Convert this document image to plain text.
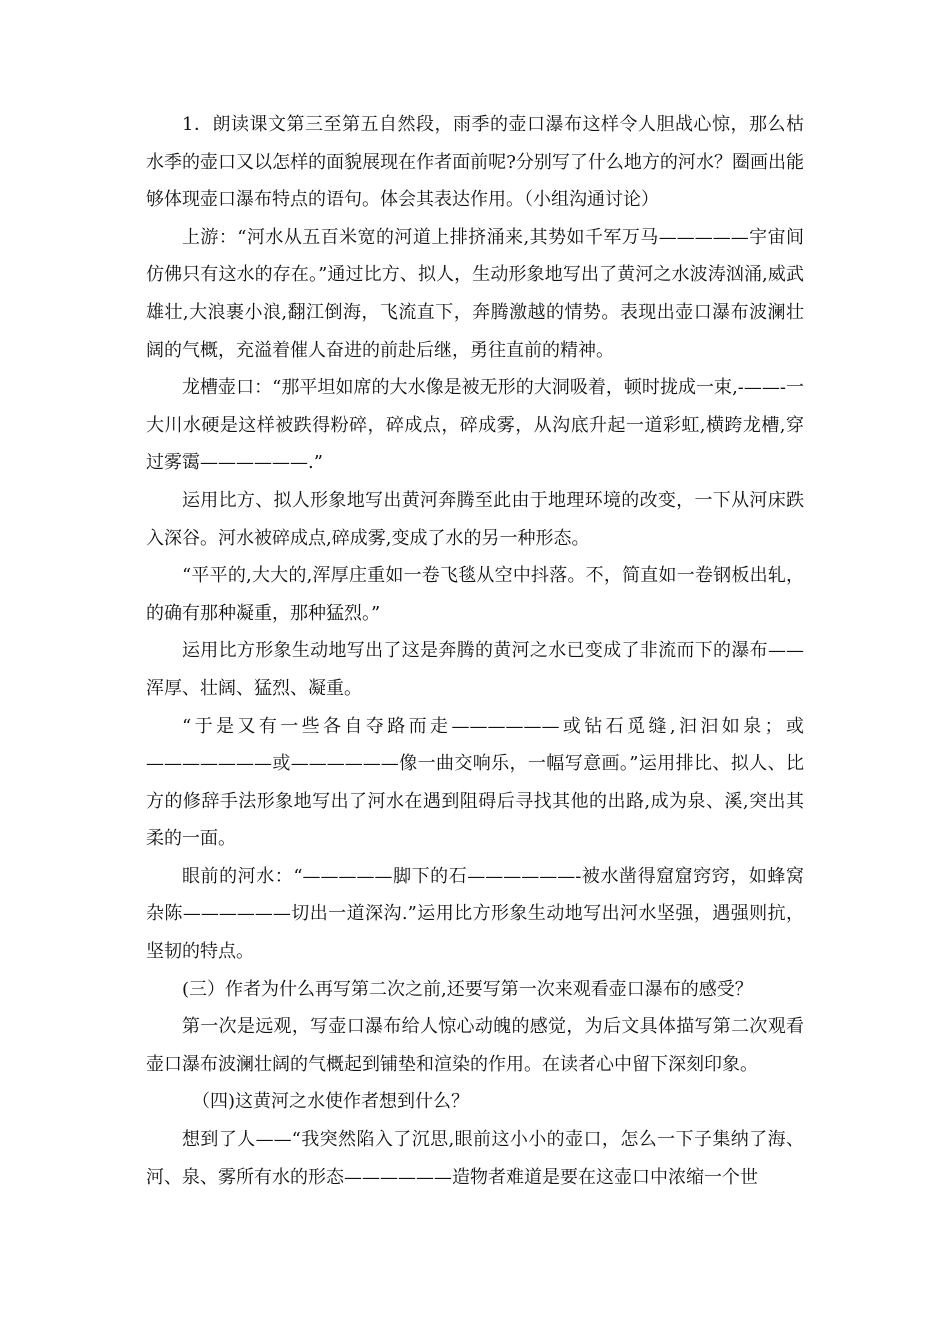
1．朗读课文第三至第五自然段，雨季的壶口瀑布这样令人胆战心惊，那么枯水季的壶口又以怎样的面貌展现在作者面前呢?分别写了什么地方的河水？圈画出能够体现壶口瀑布特点的语句。体会其表达作用。（小组沟通讨论）

上游：“河水从五百米宽的河道上排挤涌来,其势如千军万马—————宇宙间仿佛只有这水的存在。”通过比方、拟人，生动形象地写出了黄河之水波涛汹涌,威武雄壮,大浪裹小浪,翻江倒海，飞流直下，奔腾激越的情势。表现出壶口瀑布波澜壮阔的气概，充溢着催人奋进的前赴后继，勇往直前的精神。

龙槽壶口：“那平坦如席的大水像是被无形的大洞吸着，顿时拢成一束,-——-一大川水硬是这样被跌得粉碎，碎成点，碎成雾，从沟底升起一道彩虹,横跨龙槽,穿过雾霭——————.”

运用比方、拟人形象地写出黄河奔腾至此由于地理环境的改变，一下从河床跌入深谷。河水被碎成点,碎成雾,变成了水的另一种形态。

“平平的,大大的,浑厚庄重如一卷飞毯从空中抖落。不，简直如一卷钢板出轧，的确有那种凝重，那种猛烈。”

运用比方形象生动地写出了这是奔腾的黄河之水已变成了非流而下的瀑布——浑厚、壮阔、猛烈、凝重。

“于是又有一些各自夺路而走——————或钻石觅缝,汩汩如泉；或———————或——————像一曲交响乐，一幅写意画。”运用排比、拟人、比方的修辞手法形象地写出了河水在遇到阻碍后寻找其他的出路,成为泉、溪,突出其柔的一面。

眼前的河水：“—————脚下的石——————-被水凿得窟窟窍窍，如蜂窝杂陈——————切出一道深沟.”运用比方形象生动地写出河水坚强，遇强则抗，坚韧的特点。

(三）作者为什么再写第二次之前,还要写第一次来观看壶口瀑布的感受？

第一次是远观，写壶口瀑布给人惊心动魄的感觉，为后文具体描写第二次观看壶口瀑布波澜壮阔的气概起到铺垫和渲染的作用。在读者心中留下深刻印象。

（四)这黄河之水使作者想到什么？

想到了人——“我突然陷入了沉思,眼前这小小的壶口，怎么一下子集纳了海、河、泉、雾所有水的形态——————造物者难道是要在这壶口中浓缩一个世
